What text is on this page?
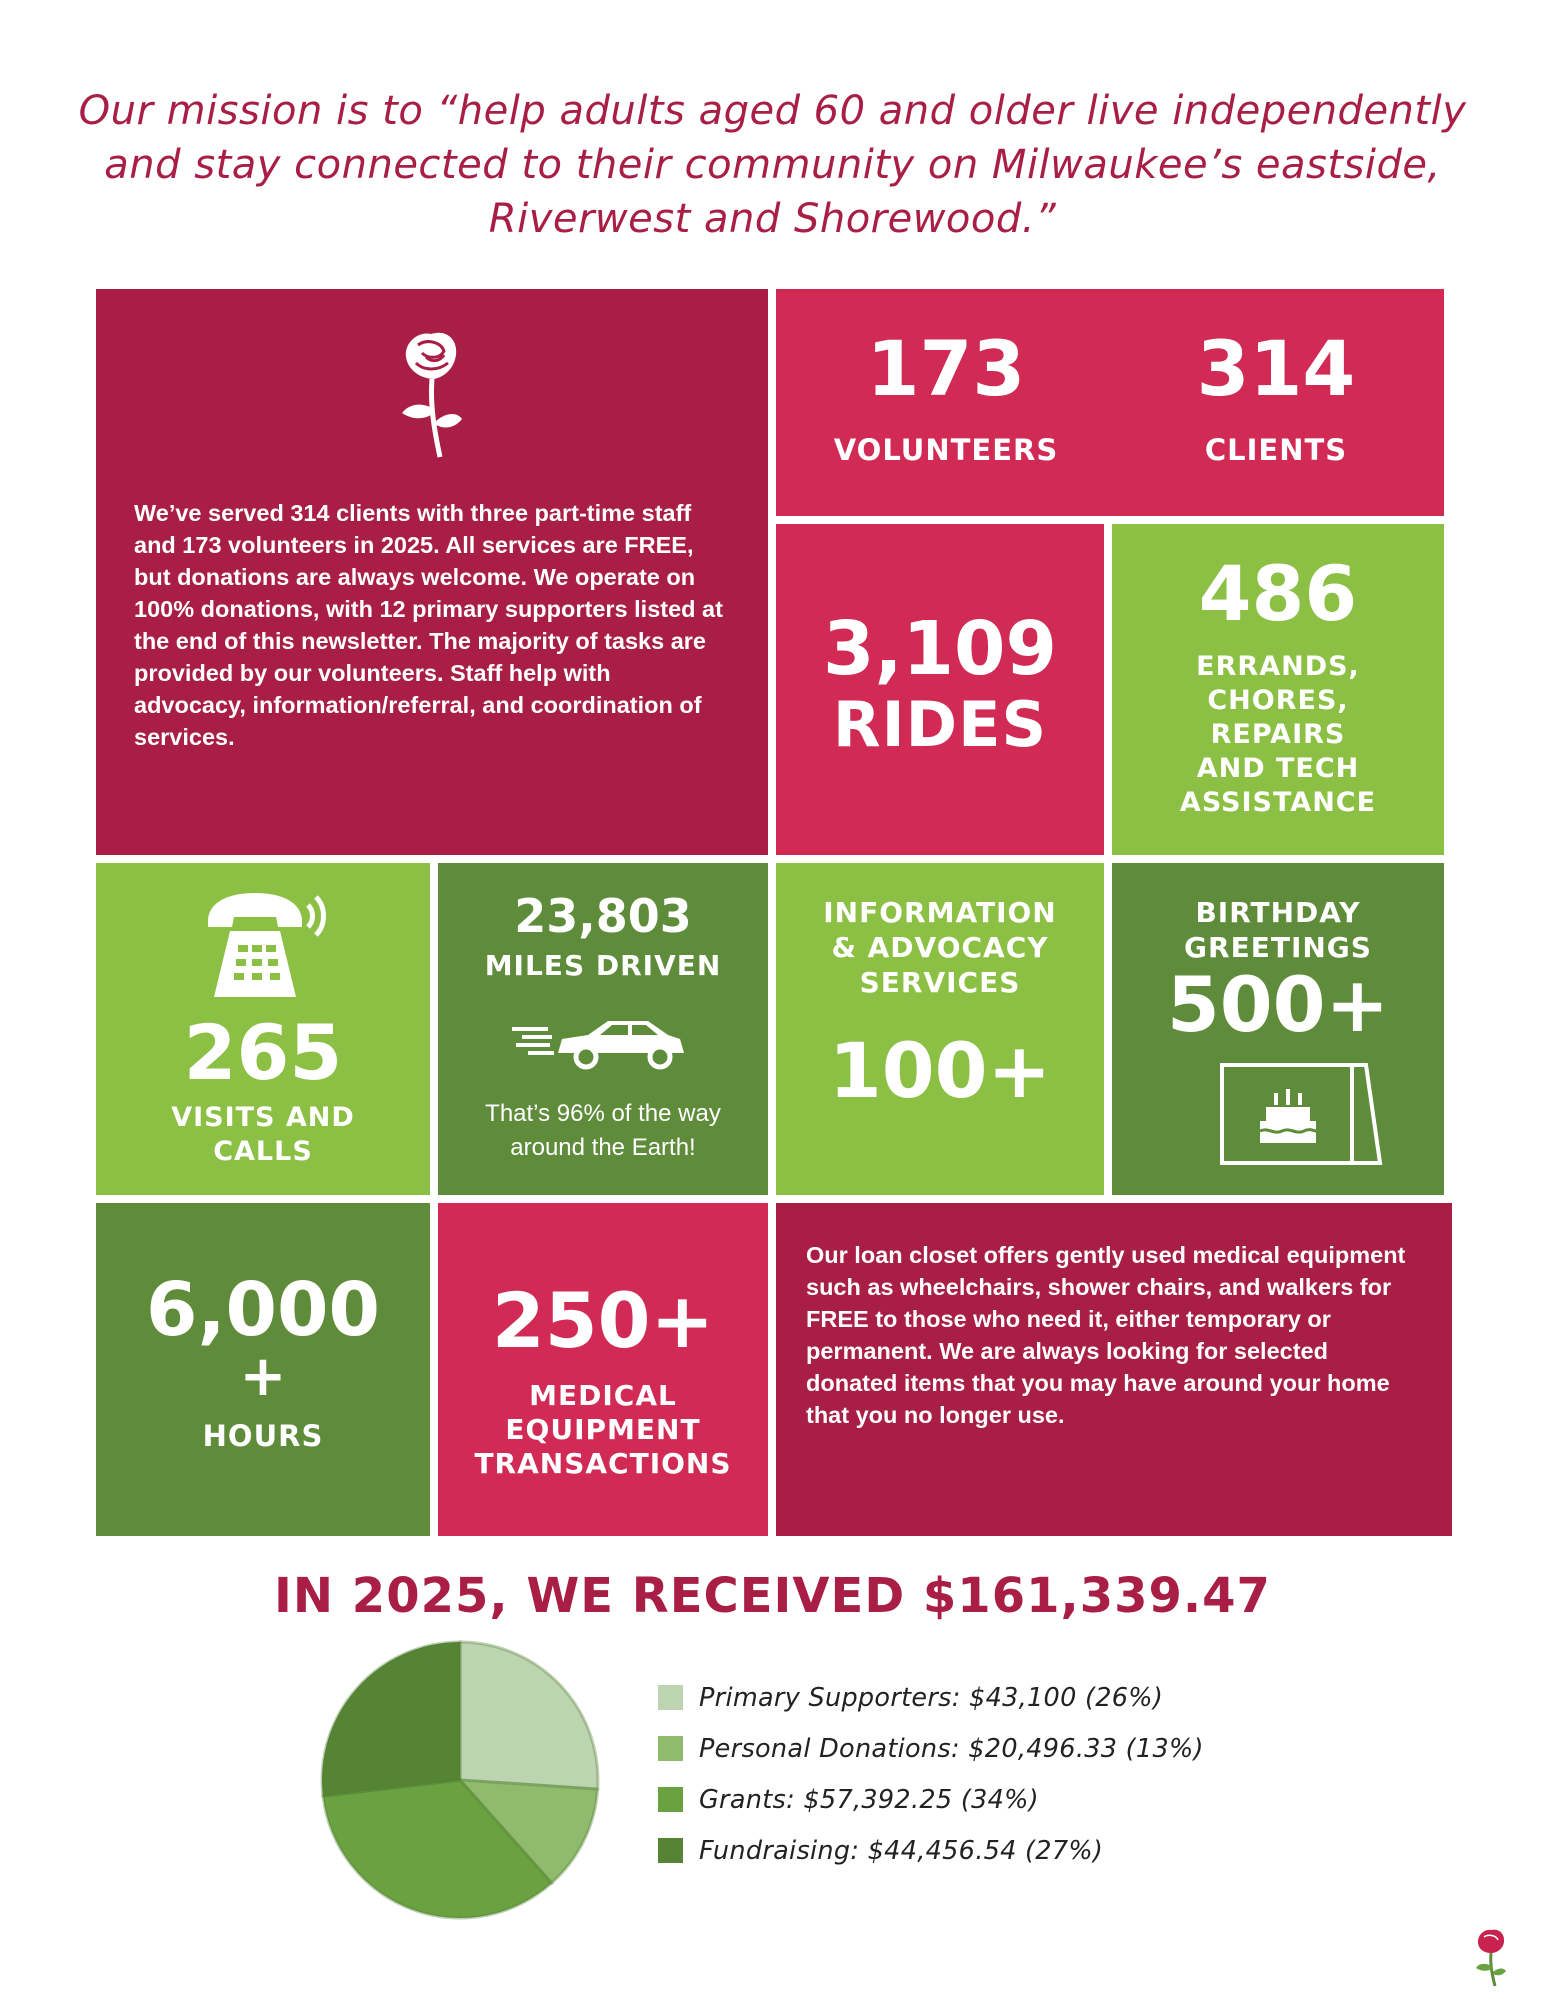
Our mission is to “help adults aged 60 and older live independently and stay connected to their community on Milwaukee’s eastside, Riverwest and Shorewood.”
We’ve served 314 clients with three part-time staff and 173 volunteers in 2025. All services are FREE, but donations are always welcome. We operate on 100% donations, with 12 primary supporters listed at the end of this newsletter. The majority of tasks are provided by our volunteers. Staff help with advocacy, information/referral, and coordination of services.
173
VOLUNTEERS
314
CLIENTS
3,109
RIDES
486
ERRANDS,
CHORES,
REPAIRS
AND TECH
ASSISTANCE
265
VISITS AND
CALLS
23,803
MILES DRIVEN
That’s 96% of the way
around the Earth!
INFORMATION
& ADVOCACY
SERVICES
100+
BIRTHDAY
GREETINGS
500+
6,000
+
HOURS
250+
MEDICAL
EQUIPMENT
TRANSACTIONS
Our loan closet offers gently used medical equipment such as wheelchairs, shower chairs, and walkers for FREE to those who need it, either temporary or permanent. We are always looking for selected donated items that you may have around your home that you no longer use.
IN 2025, WE RECEIVED $161,339.47
Primary Supporters: $43,100 (26%)
Personal Donations: $20,496.33 (13%)
Grants: $57,392.25 (34%)
Fundraising: $44,456.54 (27%)
